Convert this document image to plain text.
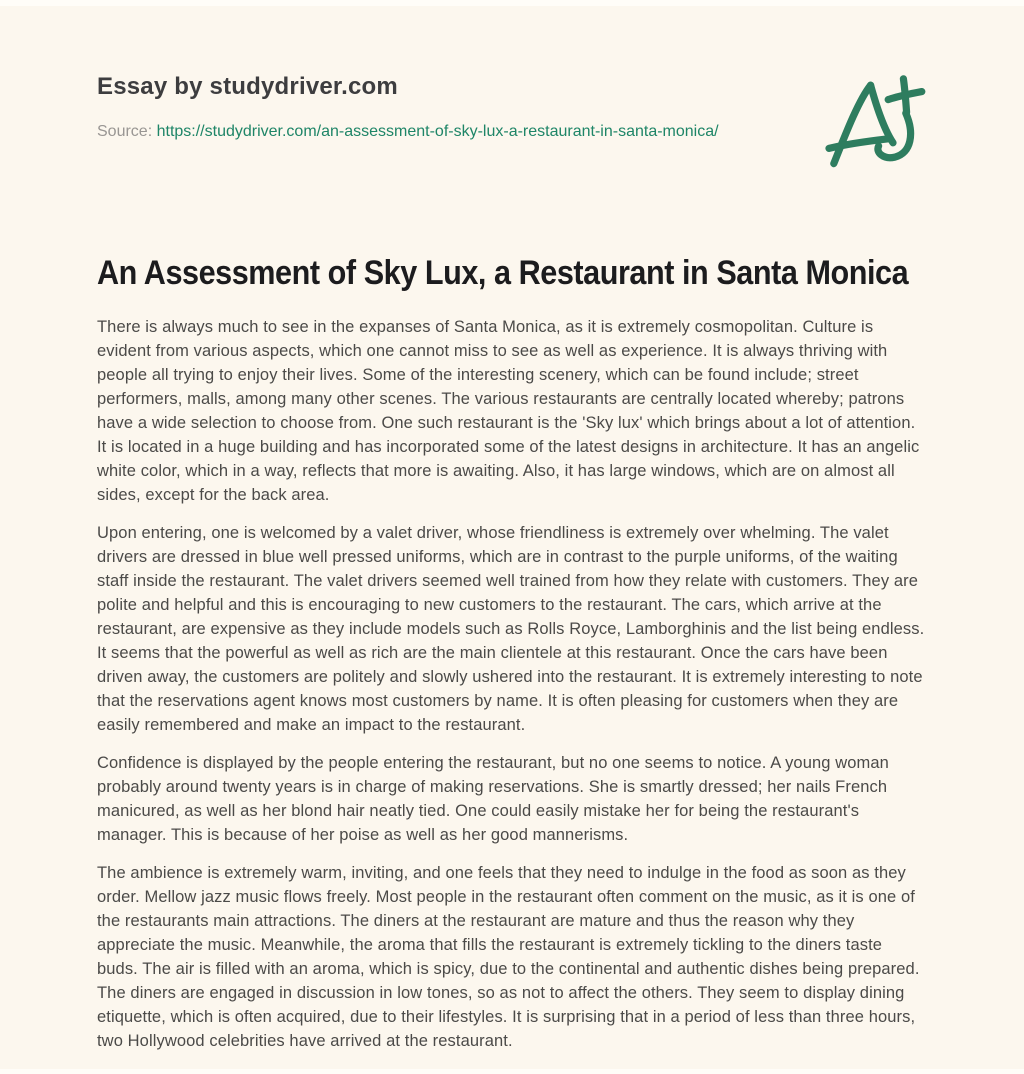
Essay by studydriver.com
Source: https://studydriver.com/an-assessment-of-sky-lux-a-restaurant-in-santa-monica/
An Assessment of Sky Lux, a Restaurant in Santa Monica

There is always much to see in the expanses of Santa Monica, as it is extremely cosmopolitan. Culture is evident from various aspects, which one cannot miss to see as well as experience. It is always thriving with people all trying to enjoy their lives. Some of the interesting scenery, which can be found include; street performers, malls, among many other scenes. The various restaurants are centrally located whereby; patrons have a wide selection to choose from. One such restaurant is the 'Sky lux' which brings about a lot of attention. It is located in a huge building and has incorporated some of the latest designs in architecture. It has an angelic white color, which in a way, reflects that more is awaiting. Also, it has large windows, which are on almost all sides, except for the back area.

Upon entering, one is welcomed by a valet driver, whose friendliness is extremely over whelming. The valet drivers are dressed in blue well pressed uniforms, which are in contrast to the purple uniforms, of the waiting staff inside the restaurant. The valet drivers seemed well trained from how they relate with customers. They are polite and helpful and this is encouraging to new customers to the restaurant. The cars, which arrive at the restaurant, are expensive as they include models such as Rolls Royce, Lamborghinis and the list being endless. It seems that the powerful as well as rich are the main clientele at this restaurant. Once the cars have been driven away, the customers are politely and slowly ushered into the restaurant. It is extremely interesting to note that the reservations agent knows most customers by name. It is often pleasing for customers when they are easily remembered and make an impact to the restaurant.

Confidence is displayed by the people entering the restaurant, but no one seems to notice. A young woman probably around twenty years is in charge of making reservations. She is smartly dressed; her nails French manicured, as well as her blond hair neatly tied. One could easily mistake her for being the restaurant's manager. This is because of her poise as well as her good mannerisms.

The ambience is extremely warm, inviting, and one feels that they need to indulge in the food as soon as they order. Mellow jazz music flows freely. Most people in the restaurant often comment on the music, as it is one of the restaurants main attractions. The diners at the restaurant are mature and thus the reason why they appreciate the music. Meanwhile, the aroma that fills the restaurant is extremely tickling to the diners taste buds. The air is filled with an aroma, which is spicy, due to the continental and authentic dishes being prepared. The diners are engaged in discussion in low tones, so as not to affect the others. They seem to display dining etiquette, which is often acquired, due to their lifestyles. It is surprising that in a period of less than three hours, two Hollywood celebrities have arrived at the restaurant.
